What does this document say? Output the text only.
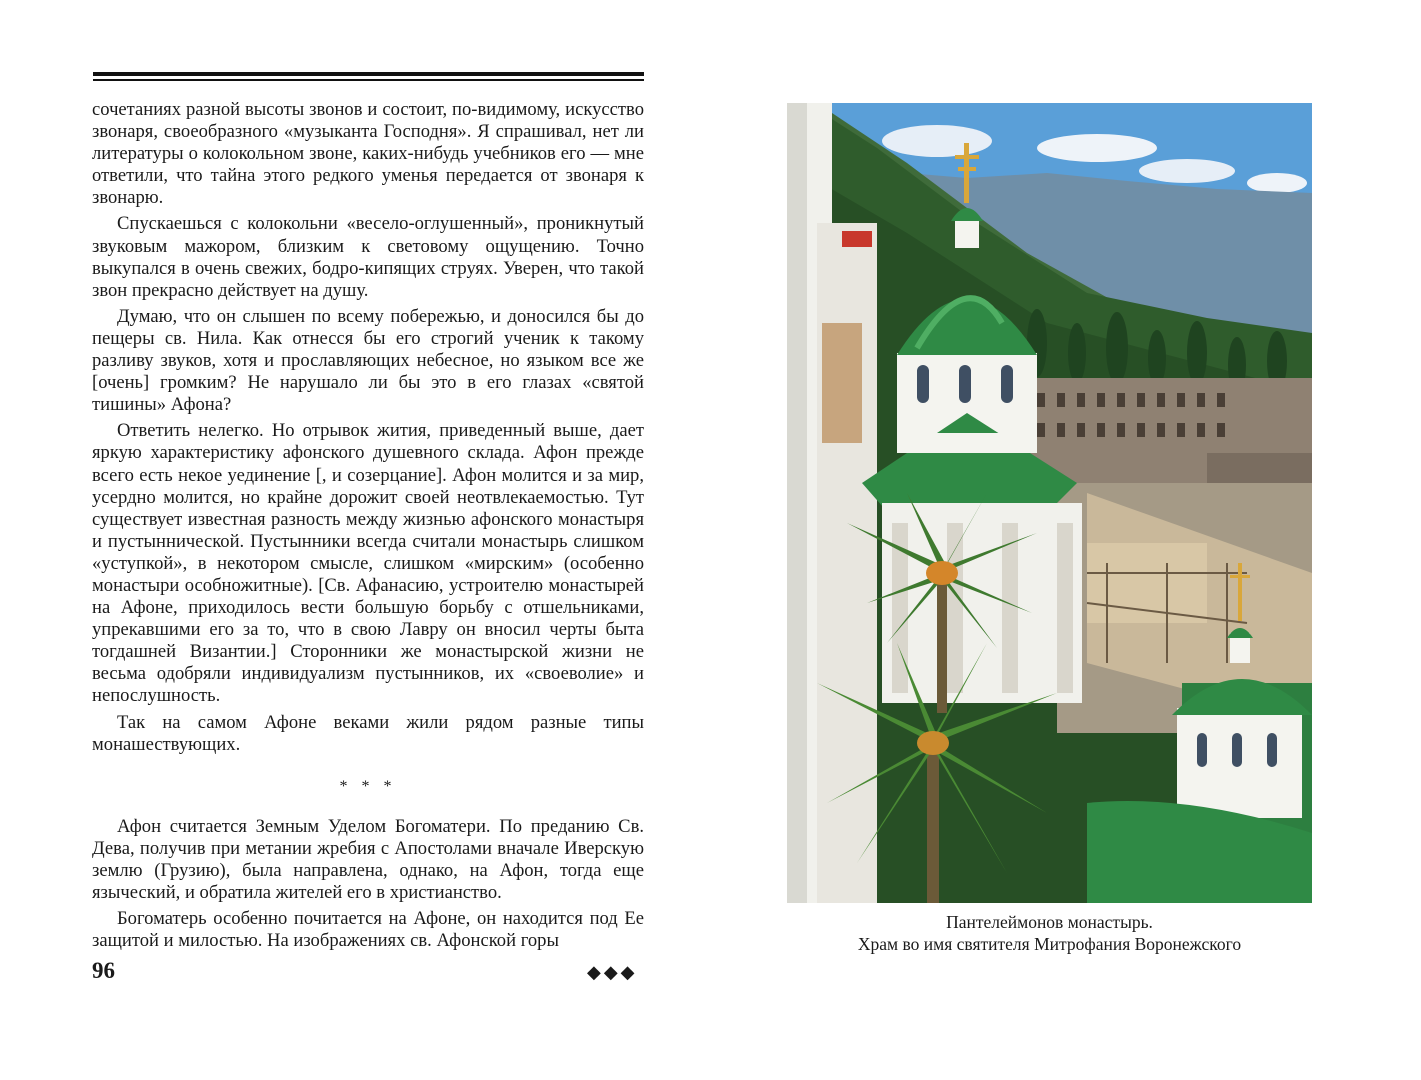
сочетаниях разной высоты звонов и состоит, по-видимому, искусство звонаря, своеобразного «музыканта Господня». Я спрашивал, нет ли литературы о колокольном звоне, каких-нибудь учебников его — мне ответили, что тайна этого редкого уменья передается от звонаря к звонарю.

Спускаешься с колокольни «весело-оглушенный», проникнутый звуковым мажором, близким к световому ощущению. Точно выкупался в очень свежих, бодро-кипящих струях. Уверен, что такой звон прекрасно действует на душу.

Думаю, что он слышен по всему побережью, и доносился бы до пещеры св. Нила. Как отнесся бы его строгий ученик к такому разливу звуков, хотя и прославляющих небесное, но языком все же [очень] громким? Не нарушало ли бы это в его глазах «святой тишины» Афона?

Ответить нелегко. Но отрывок жития, приведенный выше, дает яркую характеристику афонского душевного склада. Афон прежде всего есть некое уединение [, и созерцание]. Афон молится и за мир, усердно молится, но крайне дорожит своей неотвлекаемостью. Тут существует известная разность между жизнью афонского монастыря и пустыннической. Пустынники всегда считали монастырь слишком «уступкой», в некотором смысле, слишком «мирским» (особенно монастыри особножитные). [Св. Афанасию, устроителю монастырей на Афоне, приходилось вести большую борьбу с отшельниками, упрекавшими его за то, что в свою Лавру он вносил черты быта тогдашней Византии.] Сторонники же монастырской жизни не весьма одобряли индивидуализм пустынников, их «своеволие» и непослушность.

Так на самом Афоне веками жили рядом разные типы монашествующих.

* * *

Афон считается Земным Уделом Богоматери. По преданию Св. Дева, получив при метании жребия с Апостолами вначале Иверскую землю (Грузию), была направлена, однако, на Афон, тогда еще языческий, и обратила жителей его в христианство.

Богоматерь особенно почитается на Афоне, он находится под Ее защитой и милостью. На изображениях св. Афонской горы

96	◆◆◆
Пантелеймонов монастырь.
Храм во имя святителя Митрофания Воронежского
